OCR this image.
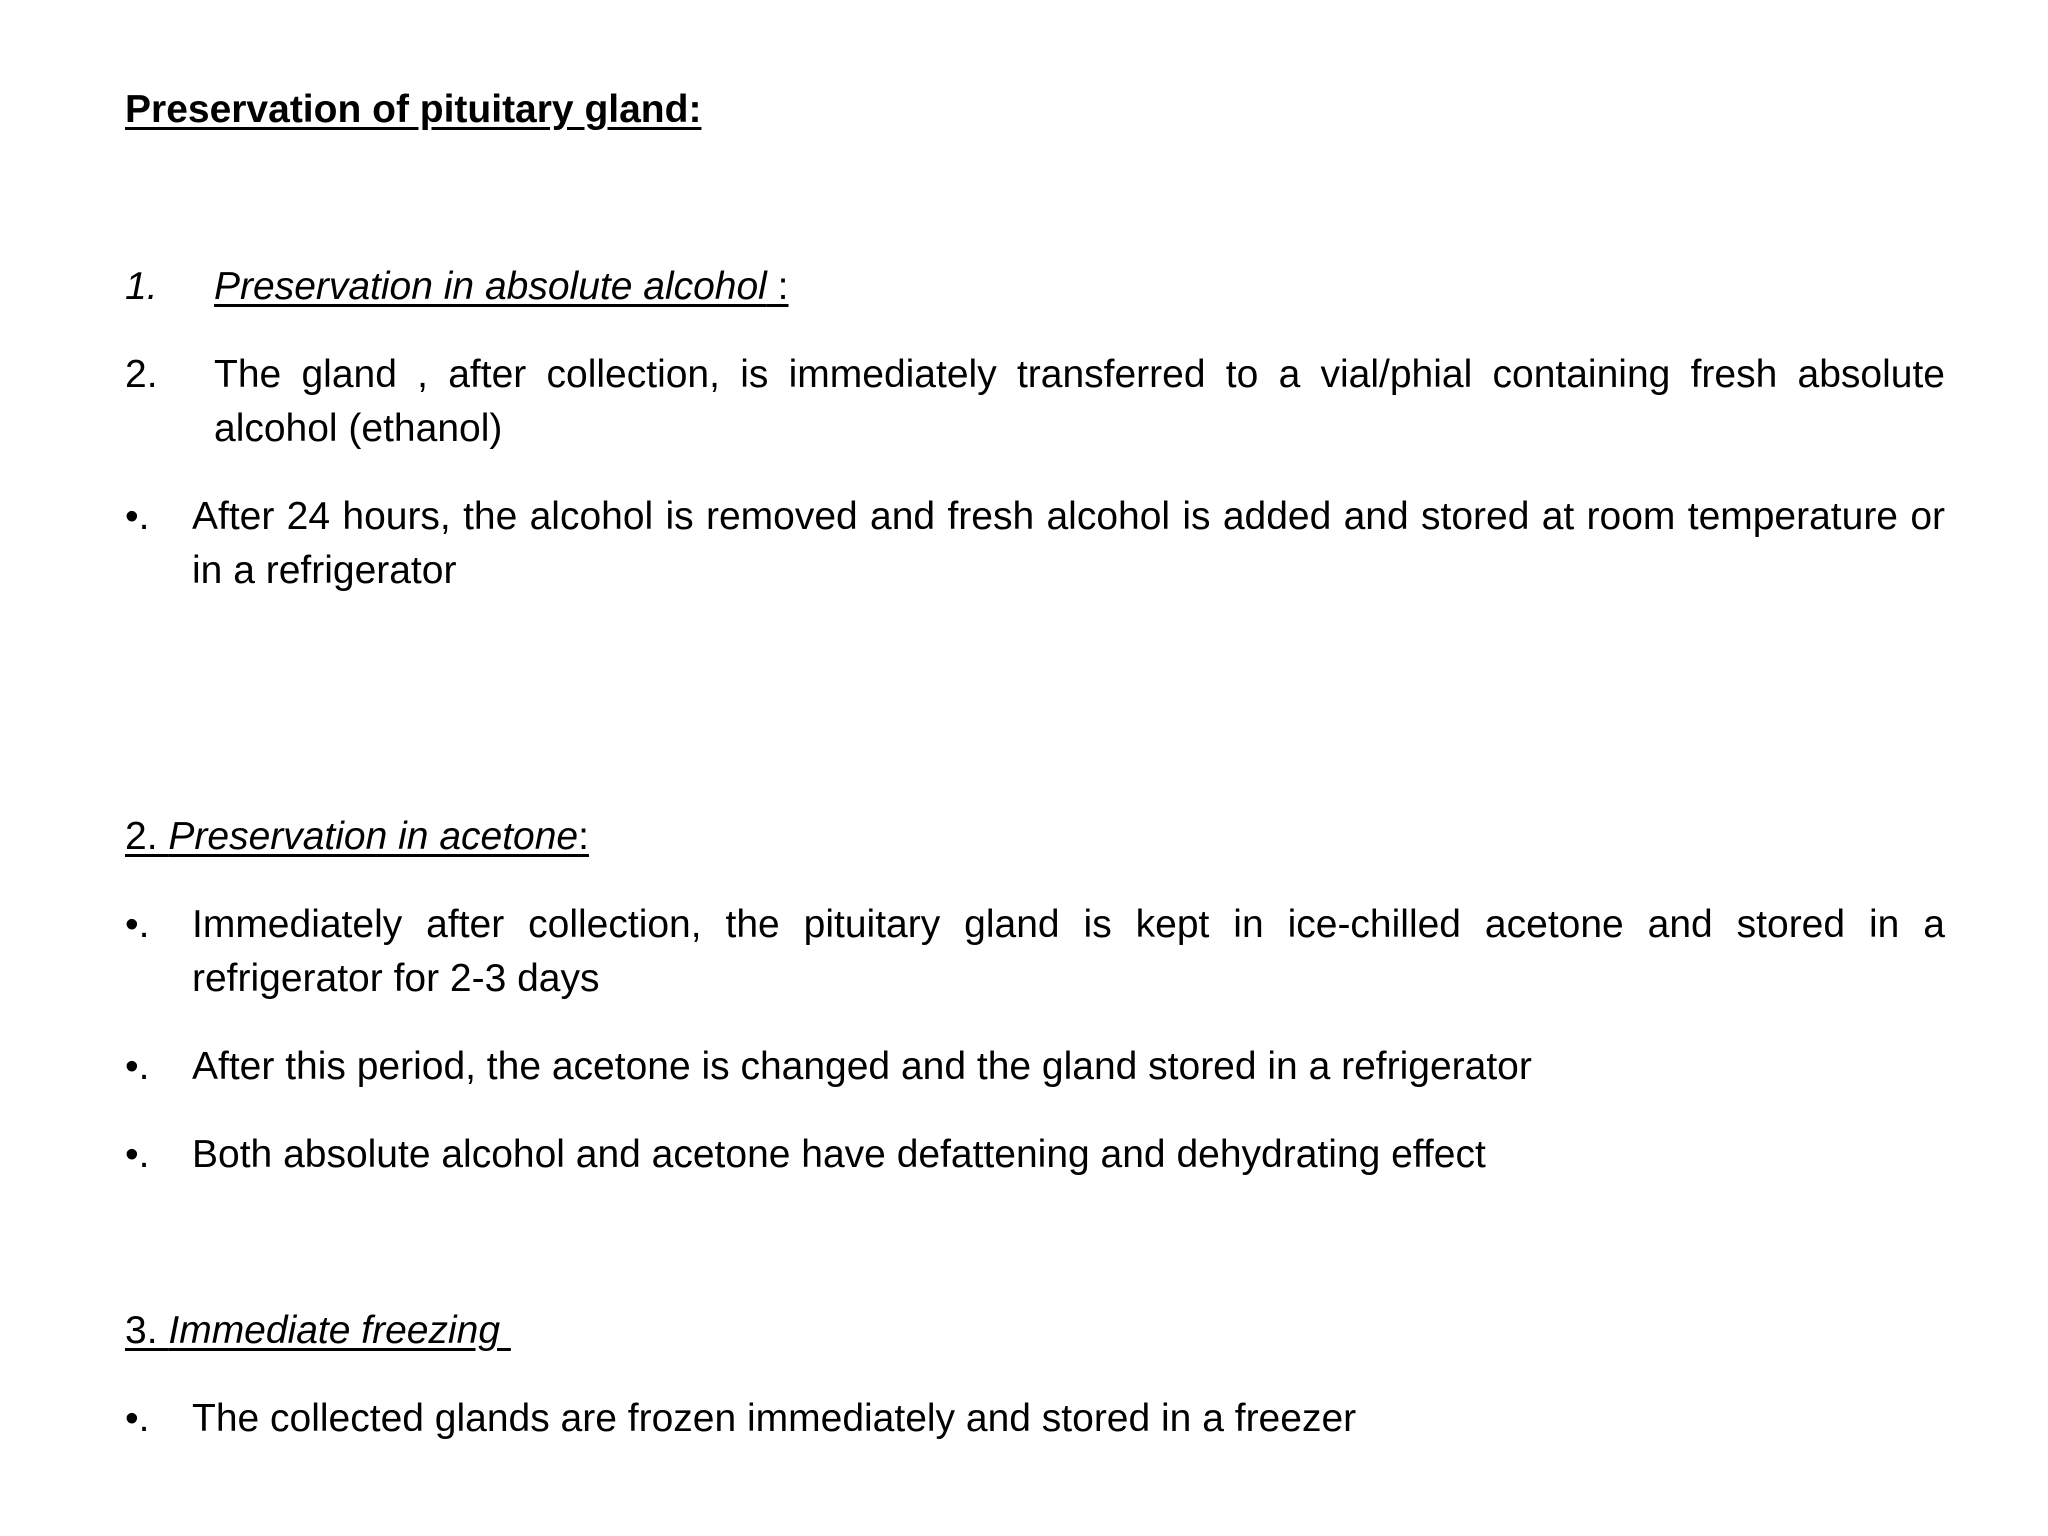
Preservation of pituitary gland:
1. Preservation in absolute alcohol :
2. The gland , after collection, is immediately transferred to a vial/phial containing fresh absolute alcohol (ethanol)
•. After 24 hours, the alcohol is removed and fresh alcohol is added and stored at room temperature or in a refrigerator
2. Preservation in acetone:
•. Immediately after collection, the pituitary gland is kept in ice-chilled acetone and stored in a refrigerator for 2-3 days
•. After this period, the acetone is changed and the gland stored in a refrigerator
•. Both absolute alcohol and acetone have defattening and dehydrating effect
3. Immediate freezing
•. The collected glands are frozen immediately and stored in a freezer
